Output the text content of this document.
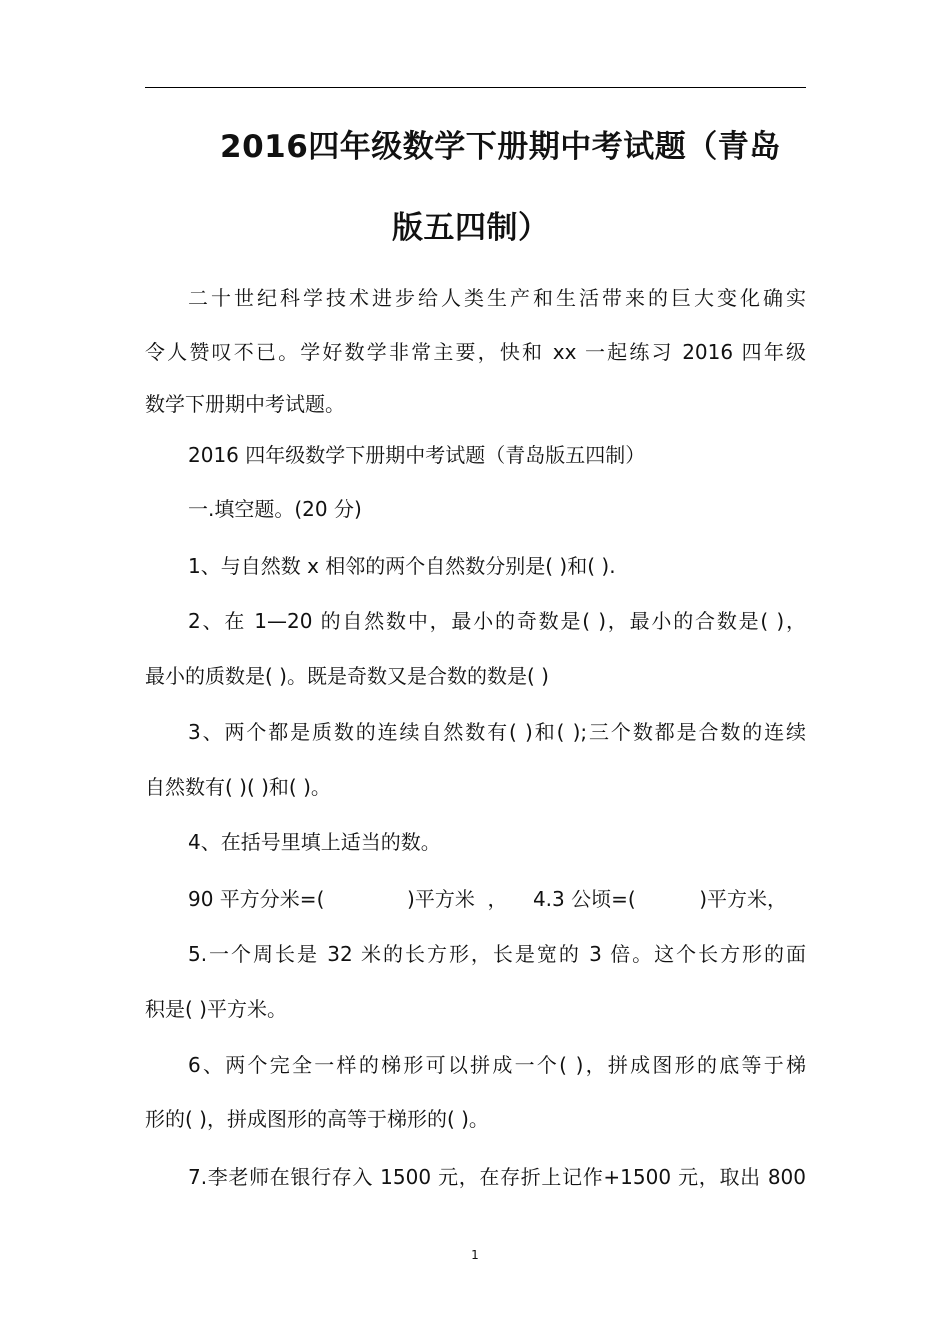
2016四年级数学下册期中考试题（青岛
版五四制）
二十世纪科学技术进步给人类生产和生活带来的巨大变化确实
令人赞叹不已。学好数学非常主要，快和 xx 一起练习 2016 四年级
数学下册期中考试题。
2016 四年级数学下册期中考试题（青岛版五四制）
一.填空题。(20 分)
1、与自然数 x 相邻的两个自然数分别是( )和( ).
2、在 1—20 的自然数中，最小的奇数是( )，最小的合数是( )，
最小的质数是( )。既是奇数又是合数的数是( )
3、两个都是质数的连续自然数有( )和( );三个数都是合数的连续
自然数有( )( )和( )。
4、在括号里填上适当的数。
90 平方分米=(             )平方米  ，    4.3 公顷=(          )平方米，
5.一个周长是 32 米的长方形，长是宽的 3 倍。这个长方形的面
积是( )平方米。
6、两个完全一样的梯形可以拼成一个( )，拼成图形的底等于梯
形的( )，拼成图形的高等于梯形的( )。
7.李老师在银行存入 1500 元，在存折上记作+1500 元，取出 800
1
